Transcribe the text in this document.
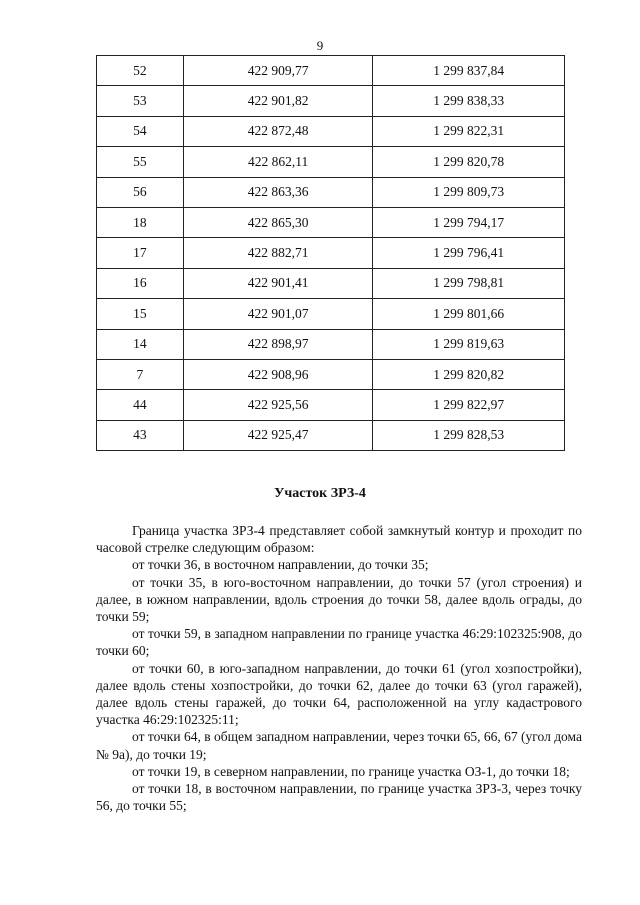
9
52	422 909,77	1 299 837,84
53	422 901,82	1 299 838,33
54	422 872,48	1 299 822,31
55	422 862,11	1 299 820,78
56	422 863,36	1 299 809,73
18	422 865,30	1 299 794,17
17	422 882,71	1 299 796,41
16	422 901,41	1 299 798,81
15	422 901,07	1 299 801,66
14	422 898,97	1 299 819,63
7	422 908,96	1 299 820,82
44	422 925,56	1 299 822,97
43	422 925,47	1 299 828,53
Участок ЗРЗ-4

Граница участка ЗРЗ-4 представляет собой замкнутый контур и проходит по часовой стрелке следующим образом:

от точки 36, в восточном направлении, до точки 35;

от точки 35, в юго-восточном направлении, до точки 57 (угол строения) и далее, в южном направлении, вдоль строения до точки 58, далее вдоль ограды, до точки 59;

от точки 59, в западном направлении по границе участка 46:29:102325:908, до точки 60;

от точки 60, в юго-западном направлении, до точки 61 (угол хозпостройки), далее вдоль стены хозпостройки, до точки 62, далее до точки 63 (угол гаражей), далее вдоль стены гаражей, до точки 64, расположенной на углу кадастрового участка 46:29:102325:11;

от точки 64, в общем западном направлении, через точки 65, 66, 67 (угол дома № 9а), до точки 19;

от точки 19, в северном направлении, по границе участка ОЗ-1, до точки 18;

от точки 18, в восточном направлении, по границе участка ЗРЗ-3, через точку 56, до точки 55;
